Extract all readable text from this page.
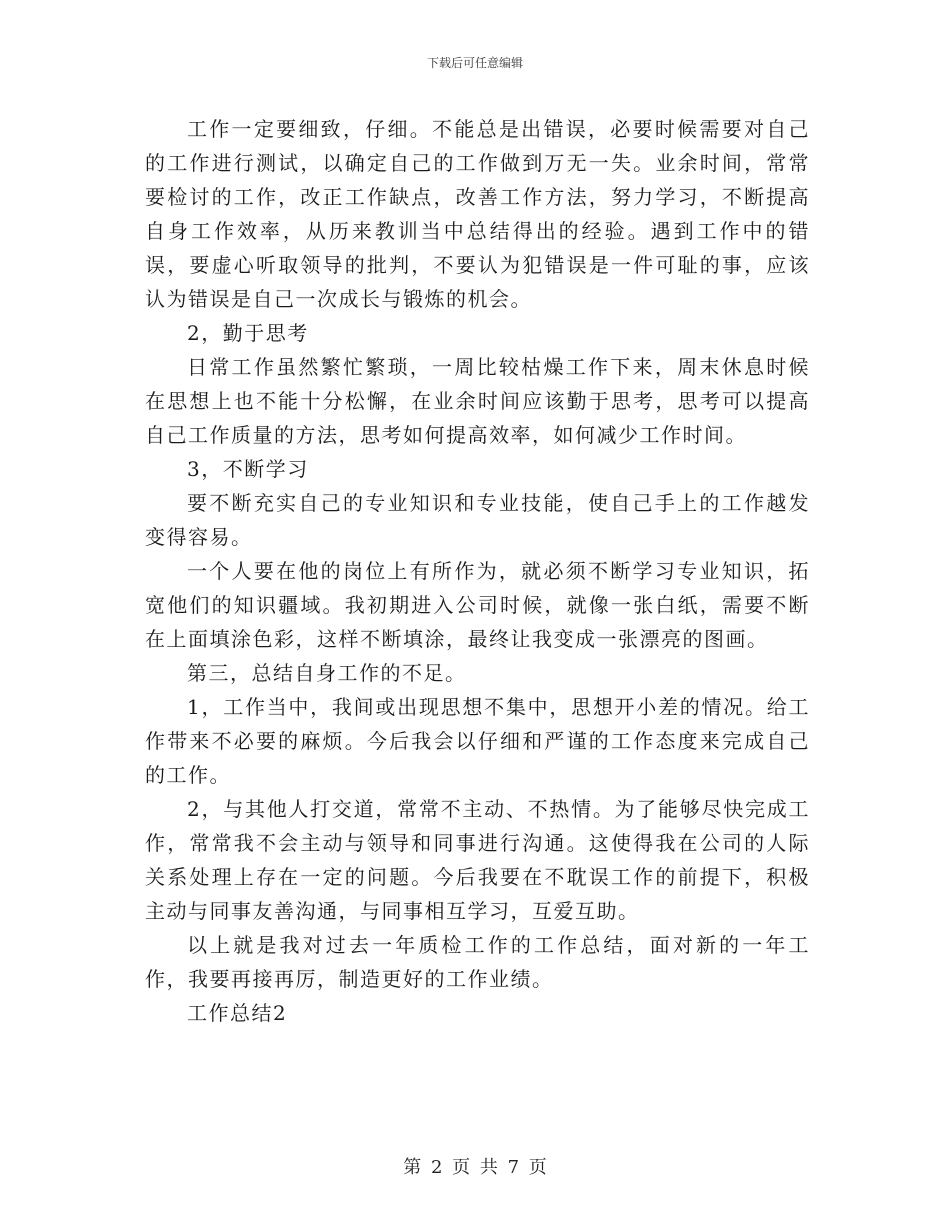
下载后可任意编辑

工作一定要细致，仔细。不能总是出错误，必要时候需要对自己的工作进行测试，以确定自己的工作做到万无一失。业余时间，常常要检讨的工作，改正工作缺点，改善工作方法，努力学习，不断提高自身工作效率，从历来教训当中总结得出的经验。遇到工作中的错误，要虚心听取领导的批判，不要认为犯错误是一件可耻的事，应该认为错误是自己一次成长与锻炼的机会。

2，勤于思考

日常工作虽然繁忙繁琐，一周比较枯燥工作下来，周末休息时候在思想上也不能十分松懈，在业余时间应该勤于思考，思考可以提高自己工作质量的方法，思考如何提高效率，如何减少工作时间。

3，不断学习

要不断充实自己的专业知识和专业技能，使自己手上的工作越发变得容易。

一个人要在他的岗位上有所作为，就必须不断学习专业知识，拓宽他们的知识疆域。我初期进入公司时候，就像一张白纸，需要不断在上面填涂色彩，这样不断填涂，最终让我变成一张漂亮的图画。

第三，总结自身工作的不足。

1，工作当中，我间或出现思想不集中，思想开小差的情况。给工作带来不必要的麻烦。今后我会以仔细和严谨的工作态度来完成自己的工作。

2，与其他人打交道，常常不主动、不热情。为了能够尽快完成工作，常常我不会主动与领导和同事进行沟通。这使得我在公司的人际关系处理上存在一定的问题。今后我要在不耽误工作的前提下，积极主动与同事友善沟通，与同事相互学习，互爱互助。

以上就是我对过去一年质检工作的工作总结，面对新的一年工作，我要再接再厉，制造更好的工作业绩。

工作总结2

第 2 页 共 7 页
